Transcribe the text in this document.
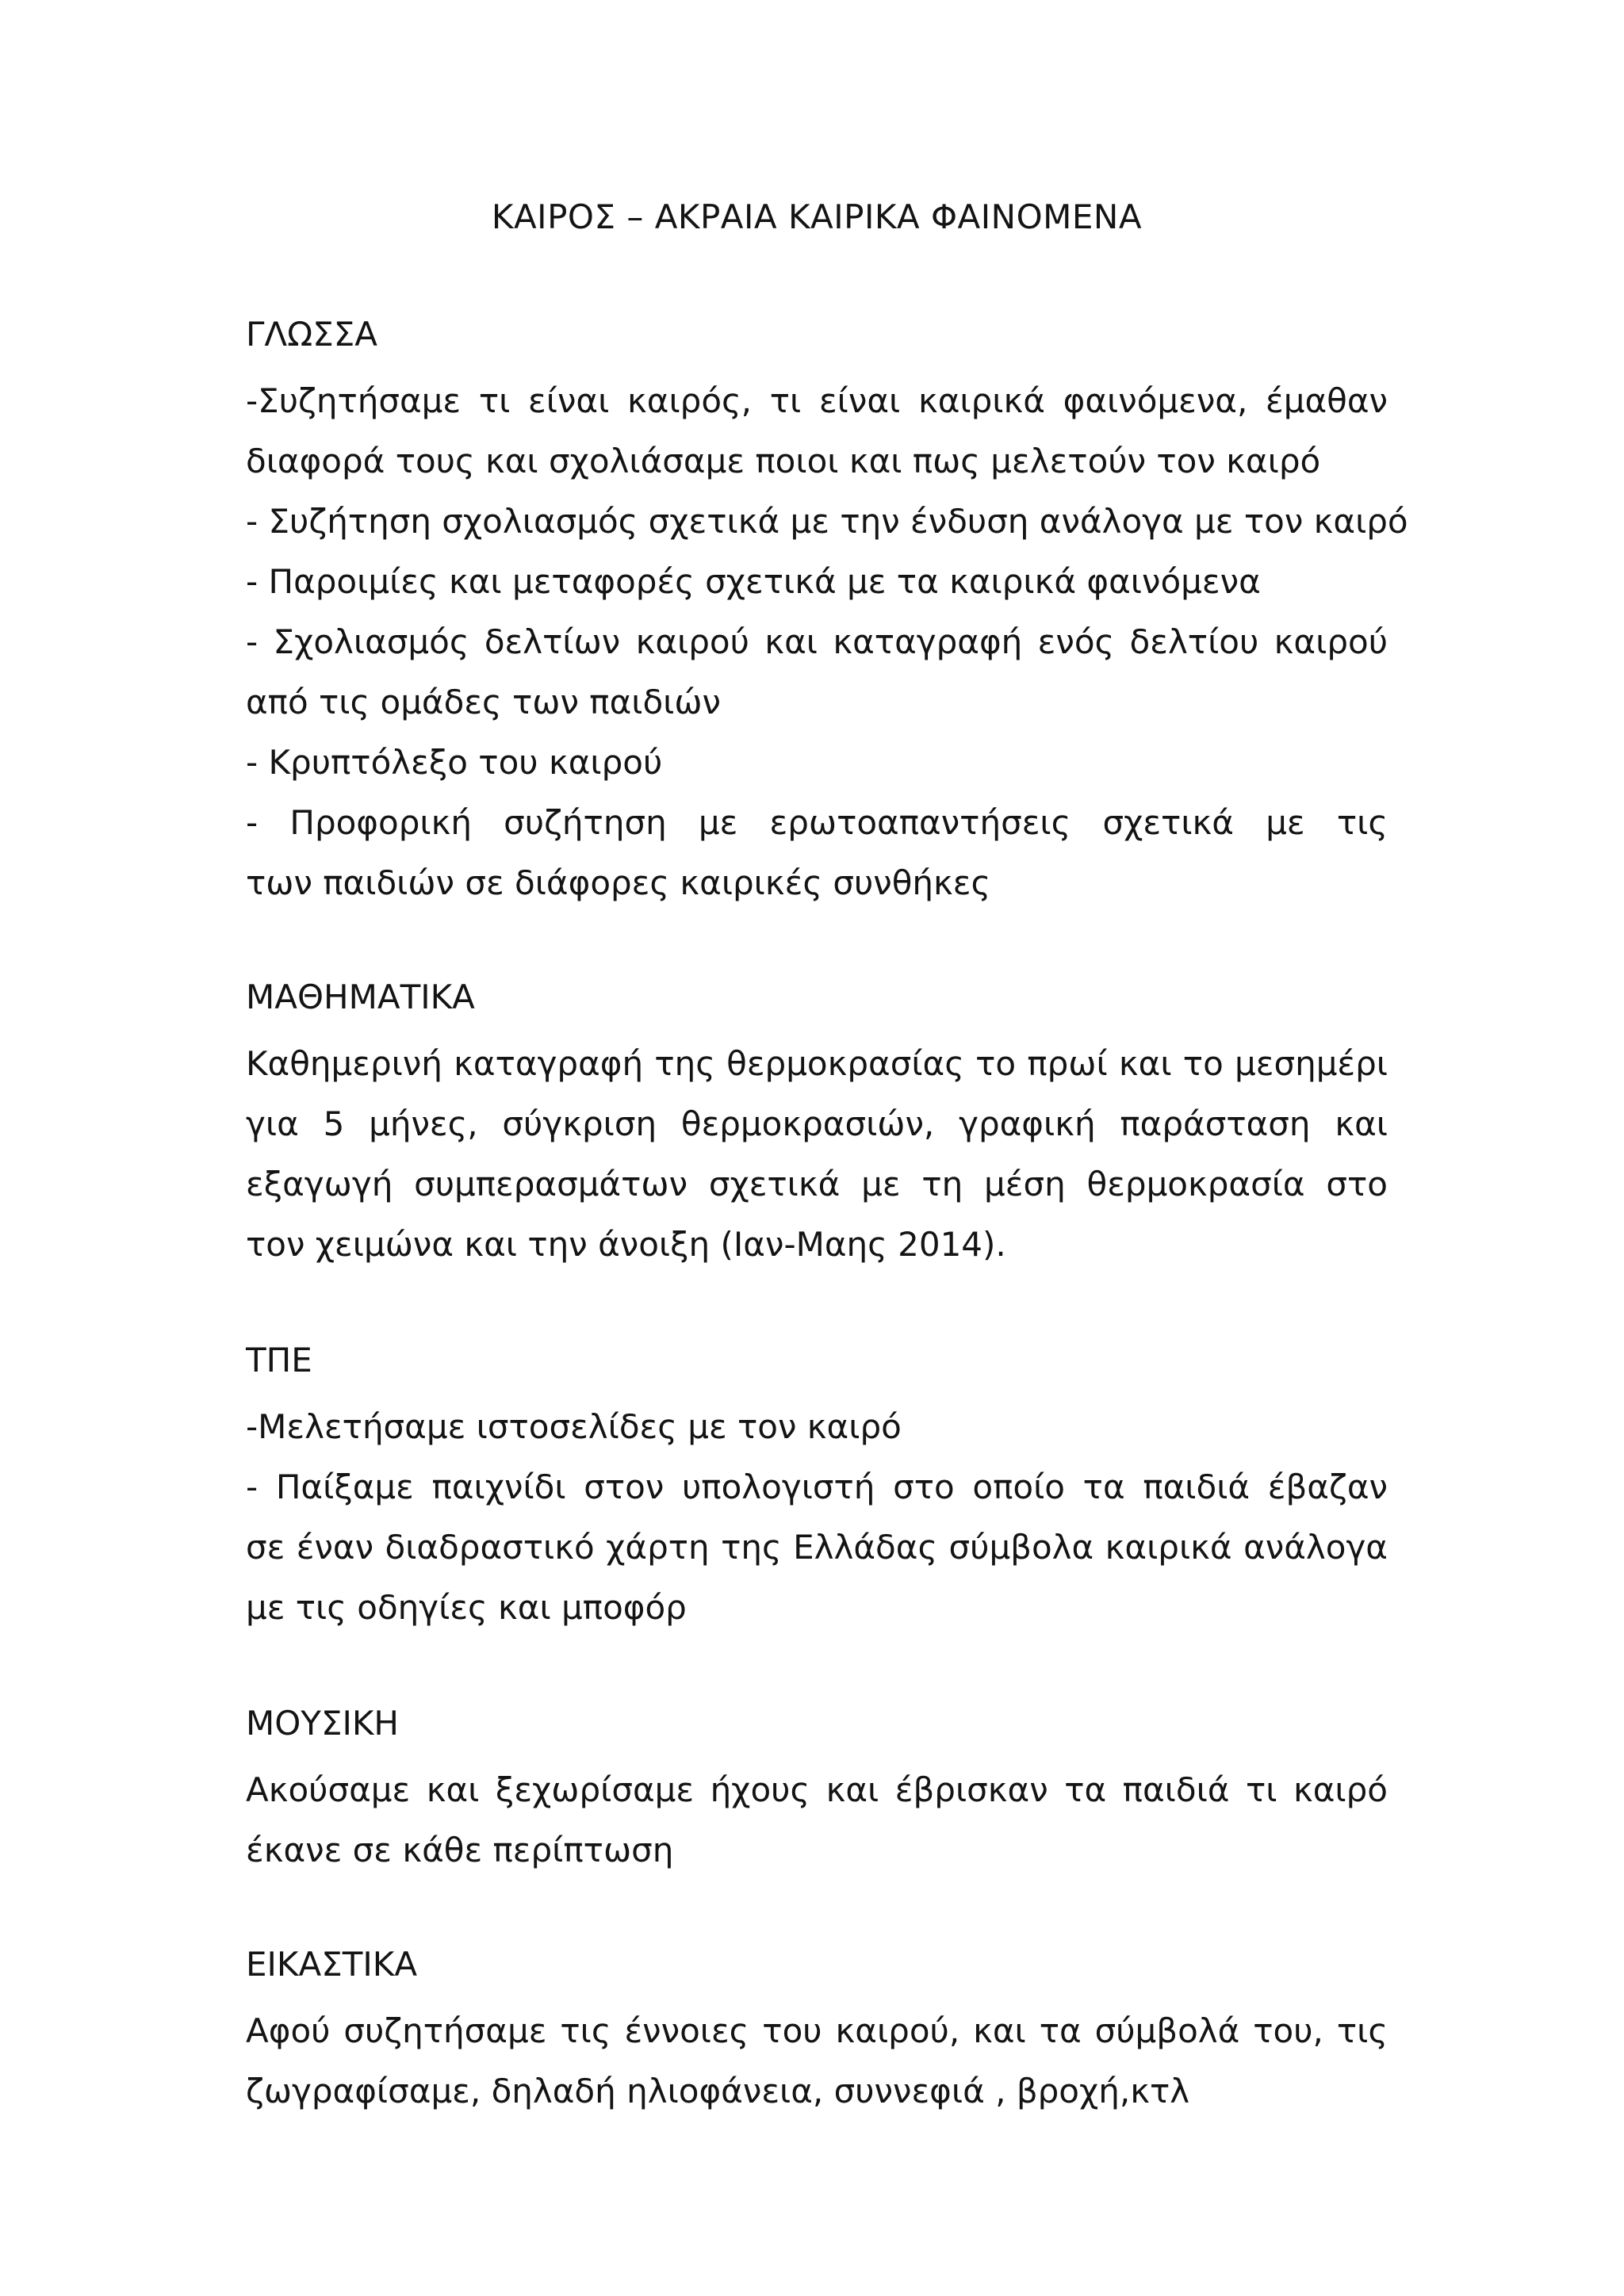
ΚΑΙΡΟΣ – ΑΚΡΑΙΑ ΚΑΙΡΙΚΑ ΦΑΙΝΟΜΕΝΑ
ΓΛΩΣΣΑ
-Συζητήσαμε τι είναι καιρός, τι είναι καιρικά φαινόμενα, έμαθαν
διαφορά τους και σχολιάσαμε ποιοι και πως μελετούν τον καιρό
- Συζήτηση σχολιασμός σχετικά με την ένδυση ανάλογα με τον καιρό
- Παροιμίες και μεταφορές σχετικά με τα καιρικά φαινόμενα
- Σχολιασμός δελτίων καιρού και καταγραφή ενός δελτίου καιρού
από τις ομάδες των παιδιών
- Κρυπτόλεξο του καιρού
- Προφορική συζήτηση με ερωτοαπαντήσεις σχετικά με τις
των παιδιών σε διάφορες καιρικές συνθήκες
ΜΑΘΗΜΑΤΙΚΑ
Καθημερινή καταγραφή της θερμοκρασίας το πρωί και το μεσημέρι
για 5 μήνες, σύγκριση θερμοκρασιών, γραφική παράσταση και
εξαγωγή συμπερασμάτων σχετικά με τη μέση θερμοκρασία στο
τον χειμώνα και την άνοιξη (Ιαν-Μαης 2014).
ΤΠΕ
-Μελετήσαμε ιστοσελίδες με τον καιρό
- Παίξαμε παιχνίδι στον υπολογιστή στο οποίο τα παιδιά έβαζαν
σε έναν διαδραστικό χάρτη της Ελλάδας σύμβολα καιρικά ανάλογα
με τις οδηγίες και μποφόρ
ΜΟΥΣΙΚΗ
Ακούσαμε και ξεχωρίσαμε ήχους και έβρισκαν τα παιδιά τι καιρό
έκανε σε κάθε περίπτωση
ΕΙΚΑΣΤΙΚΑ
Αφού συζητήσαμε τις έννοιες του καιρού, και τα σύμβολά του, τις
ζωγραφίσαμε, δηλαδή ηλιοφάνεια, συννεφιά , βροχή,κτλ
